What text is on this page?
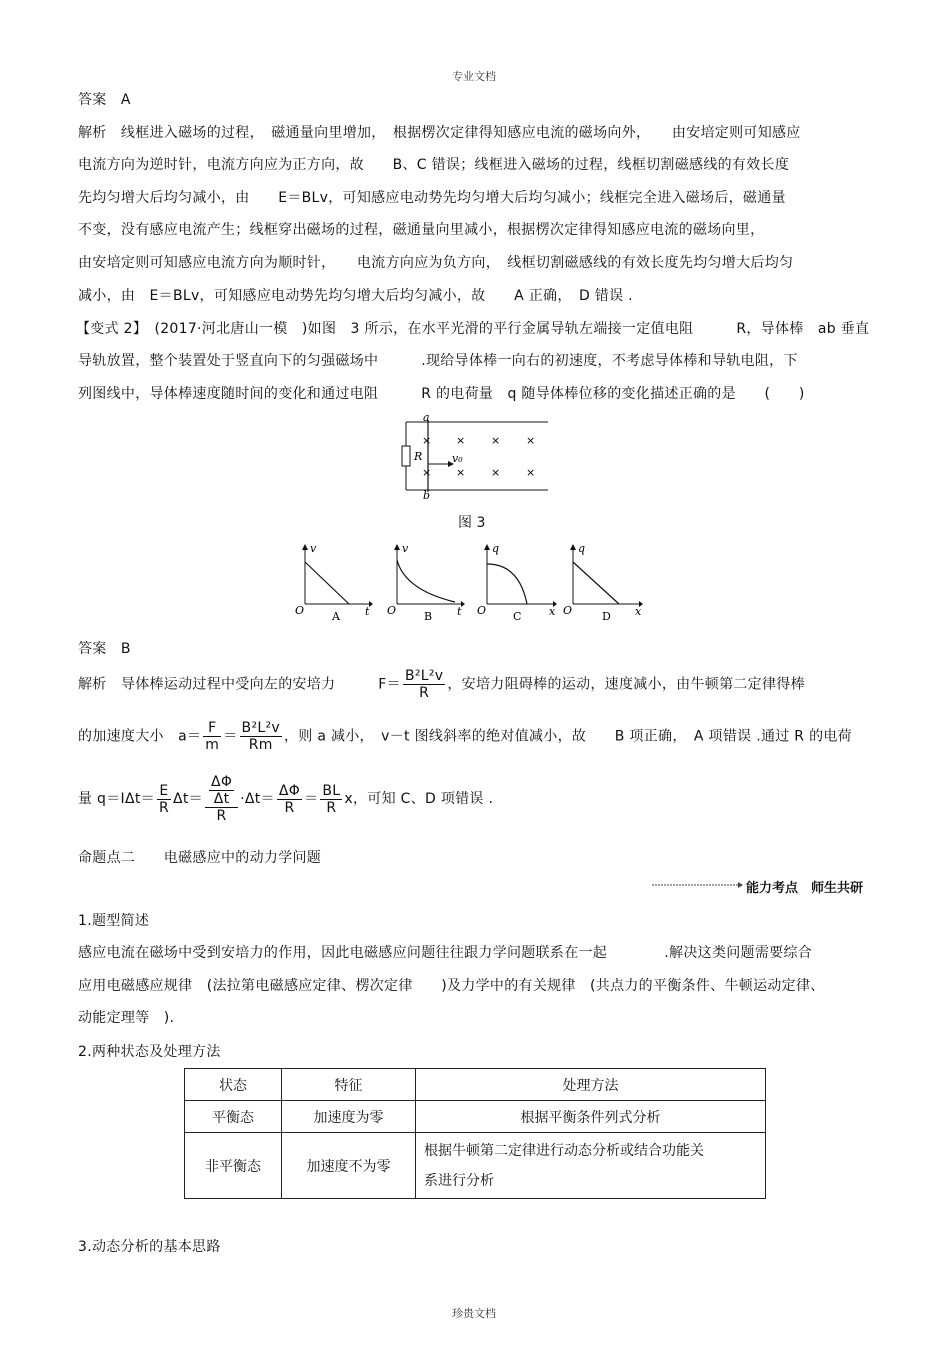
专业文档
珍贵文档
答案　A
解析　线框进入磁场的过程，　磁通量向里增加，　根据楞次定律得知感应电流的磁场向外，　　由安培定则可知感应
电流方向为逆时针，电流方向应为正方向，故　　B、C 错误；线框进入磁场的过程，线框切割磁感线的有效长度
先均匀增大后均匀减小，由　　E＝BLv，可知感应电动势先均匀增大后均匀减小；线框完全进入磁场后，磁通量
不变，没有感应电流产生；线框穿出磁场的过程，磁通量向里减小，根据楞次定律得知感应电流的磁场向里，
由安培定则可知感应电流方向为顺时针，　　电流方向应为负方向，　线框切割磁感线的有效长度先均匀增大后均匀
减小，由　E＝BLv，可知感应电动势先均匀增大后均匀减小，故　　A 正确，　D 错误 .
【变式 2】　(2017·河北唐山一模　)如图　3 所示，在水平光滑的平行金属导轨左端接一定值电阻　　　R，导体棒　ab 垂直
导轨放置，整个装置处于竖直向下的匀强磁场中　　　.现给导体棒一向右的初速度，不考虑导体棒和导轨电阻，下
列图线中，导体棒速度随时间的变化和通过电阻　　　R 的电荷量　q 随导体棒位移的变化描述正确的是　　(　　)
a
b
R	v₀
× × × ×
× × × ×
图 3
v
t
O	A
v
t
O	B
q
x
O C
q
x
O	D
答案　B
解析　导体棒运动过程中受向左的安培力　　　$F= \frac{\text{B²L²v}}{R}$ ，安培力阻碍棒的运动，速度减小，由牛顿第二定律得棒
的加速度大小　$a= \frac{F}{m} = \frac{\text{B²L²v}}{Rm}$ ，则 a 减小，　v－t 图线斜率的绝对值减小，故　　B 项正确，　A 项错误 .通过 R 的电荷
量 $q=I\Delta t= \frac{E}{R} \Delta t= \frac{\frac{\Delta\Phi}{\Delta t}}{R} \cdot\Delta t= \frac{\Delta\Phi}{R} = \frac{BL}{R}$ x，可知 C、D 项错误 .
命题点二　　电磁感应中的动力学问题
能力考点　师生共研
1.题型简述
感应电流在磁场中受到安培力的作用，因此电磁感应问题往往跟力学问题联系在一起　　　　.解决这类问题需要综合
应用电磁感应规律　(法拉第电磁感应定律、楞次定律　　)及力学中的有关规律　(共点力的平衡条件、牛顿运动定律、
动能定理等　).
2.两种状态及处理方法
状态	特征	处理方法
平衡态	加速度为零	根据平衡条件列式分析
非平衡态	加速度不为零	根据牛顿第二定律进行动态分析或结合功能关
系进行分析
3.动态分析的基本思路
